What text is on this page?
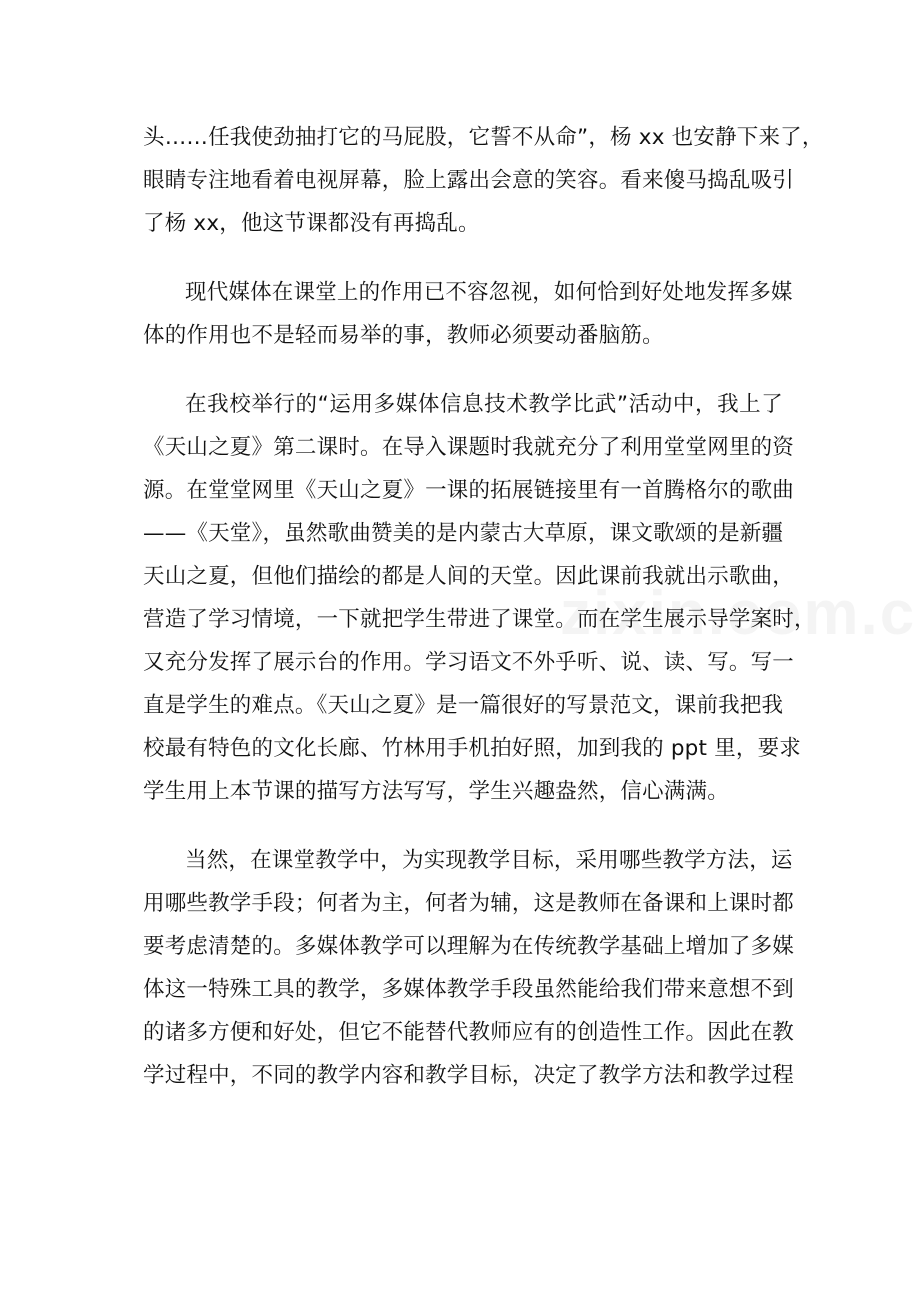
头……任我使劲抽打它的马屁股，它誓不从命”，杨 xx 也安静下来了，
眼睛专注地看着电视屏幕，脸上露出会意的笑容。看来傻马捣乱吸引
了杨 xx，他这节课都没有再捣乱。
现代媒体在课堂上的作用已不容忽视，如何恰到好处地发挥多媒
体的作用也不是轻而易举的事，教师必须要动番脑筋。
在我校举行的“运用多媒体信息技术教学比武”活动中，我上了
《天山之夏》第二课时。在导入课题时我就充分了利用堂堂网里的资
源。在堂堂网里《天山之夏》一课的拓展链接里有一首腾格尔的歌曲
——《天堂》，虽然歌曲赞美的是内蒙古大草原，课文歌颂的是新疆
天山之夏，但他们描绘的都是人间的天堂。因此课前我就出示歌曲，
营造了学习情境，一下就把学生带进了课堂。而在学生展示导学案时，
又充分发挥了展示台的作用。学习语文不外乎听、说、读、写。写一
直是学生的难点。《天山之夏》是一篇很好的写景范文，课前我把我
校最有特色的文化长廊、竹林用手机拍好照，加到我的 ppt 里，要求
学生用上本节课的描写方法写写，学生兴趣盎然，信心满满。
当然，在课堂教学中，为实现教学目标，采用哪些教学方法，运
用哪些教学手段；何者为主，何者为辅，这是教师在备课和上课时都
要考虑清楚的。多媒体教学可以理解为在传统教学基础上增加了多媒
体这一特殊工具的教学，多媒体教学手段虽然能给我们带来意想不到
的诸多方便和好处，但它不能替代教师应有的创造性工作。因此在教
学过程中，不同的教学内容和教学目标，决定了教学方法和教学过程
